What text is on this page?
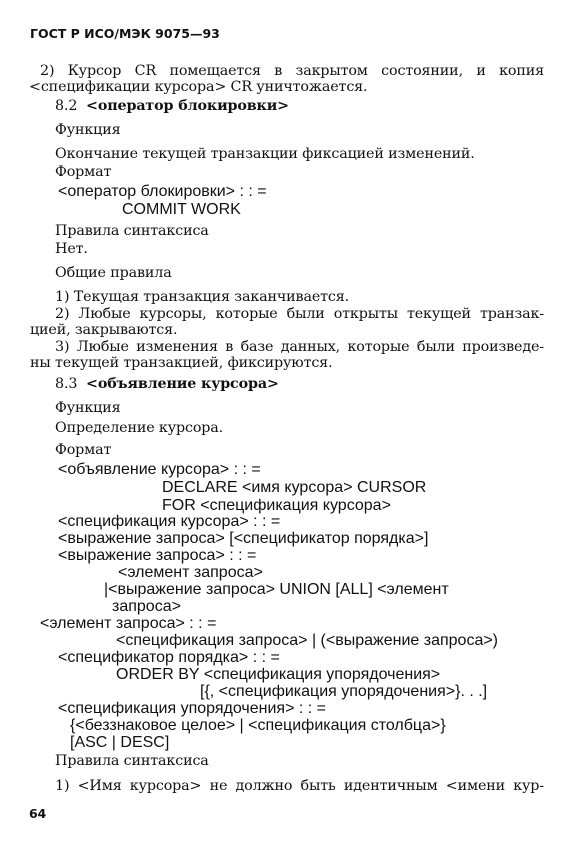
ГОСТ Р ИСО/МЭК 9075—93
2) Курсор CR помещается в закрытом состоянии, и копия
<спецификации курсора> CR уничтожается.
8.2 <оператор блокировки>
Функция
Окончание текущей транзакции фиксацией изменений.
Формат
<оператор блокировки> : : =
COMMIT WORK
Правила синтаксиса
Нет.
Общие правила
1) Текущая транзакция заканчивается.
2) Любые курсоры, которые были открыты текущей транзак-
цией, закрываются.
3) Любые изменения в базе данных, которые были произведе-
ны текущей транзакцией, фиксируются.
8.3 <объявление курсора>
Функция
Определение курсора.
Формат
<объявление курсора> : : =
DECLARE <имя курсора> CURSOR
FOR <спецификация курсора>
<спецификация курсора> : : =
<выражение запроса> [<спецификатор порядка>]
<выражение запроса> : : =
<элемент запроса>
|<выражение запроса> UNION [ALL] <элемент
запроса>
<элемент запроса> : : =
<спецификация запроса> | (<выражение запроса>)
<спецификатор порядка> : : =
ORDER BY <спецификация упорядочения>
[{, <спецификация упорядочения>}. . .]
<спецификация упорядочения> : : =
{<беззнаковое целое> | <спецификация столбца>}
[ASC | DESC]
Правила синтаксиса
1) <Имя курсора> не должно быть идентичным <имени кур-
64
